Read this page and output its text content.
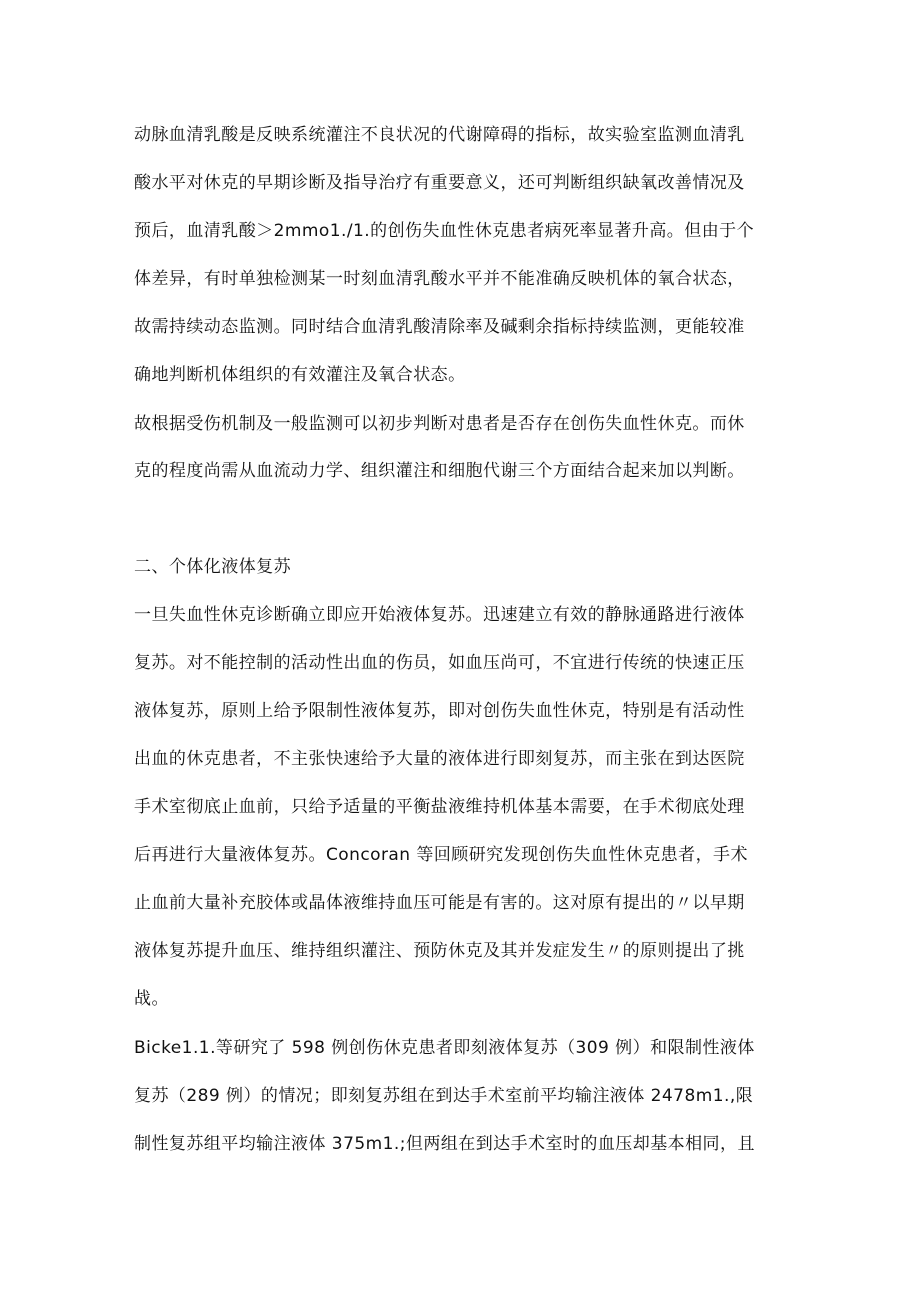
动脉血清乳酸是反映系统灌注不良状况的代谢障碍的指标，故实验室监测血清乳
酸水平对休克的早期诊断及指导治疗有重要意义，还可判断组织缺氧改善情况及
预后，血清乳酸＞2mmo1./1.的创伤失血性休克患者病死率显著升高。但由于个
体差异，有时单独检测某一时刻血清乳酸水平并不能准确反映机体的氧合状态，
故需持续动态监测。同时结合血清乳酸清除率及碱剩余指标持续监测，更能较准
确地判断机体组织的有效灌注及氧合状态。
故根据受伤机制及一般监测可以初步判断对患者是否存在创伤失血性休克。而休
克的程度尚需从血流动力学、组织灌注和细胞代谢三个方面结合起来加以判断。
二、个体化液体复苏
一旦失血性休克诊断确立即应开始液体复苏。迅速建立有效的静脉通路进行液体
复苏。对不能控制的活动性出血的伤员，如血压尚可，不宜进行传统的快速正压
液体复苏，原则上给予限制性液体复苏，即对创伤失血性休克，特别是有活动性
出血的休克患者，不主张快速给予大量的液体进行即刻复苏，而主张在到达医院
手术室彻底止血前，只给予适量的平衡盐液维持机体基本需要，在手术彻底处理
后再进行大量液体复苏。Concoran 等回顾研究发现创伤失血性休克患者，手术
止血前大量补充胶体或晶体液维持血压可能是有害的。这对原有提出的〃以早期
液体复苏提升血压、维持组织灌注、预防休克及其并发症发生〃的原则提出了挑
战。
Bicke1.1.等研究了 598 例创伤休克患者即刻液体复苏（309 例）和限制性液体
复苏（289 例）的情况；即刻复苏组在到达手术室前平均输注液体 2478m1.,限
制性复苏组平均输注液体 375m1.;但两组在到达手术室时的血压却基本相同，且
